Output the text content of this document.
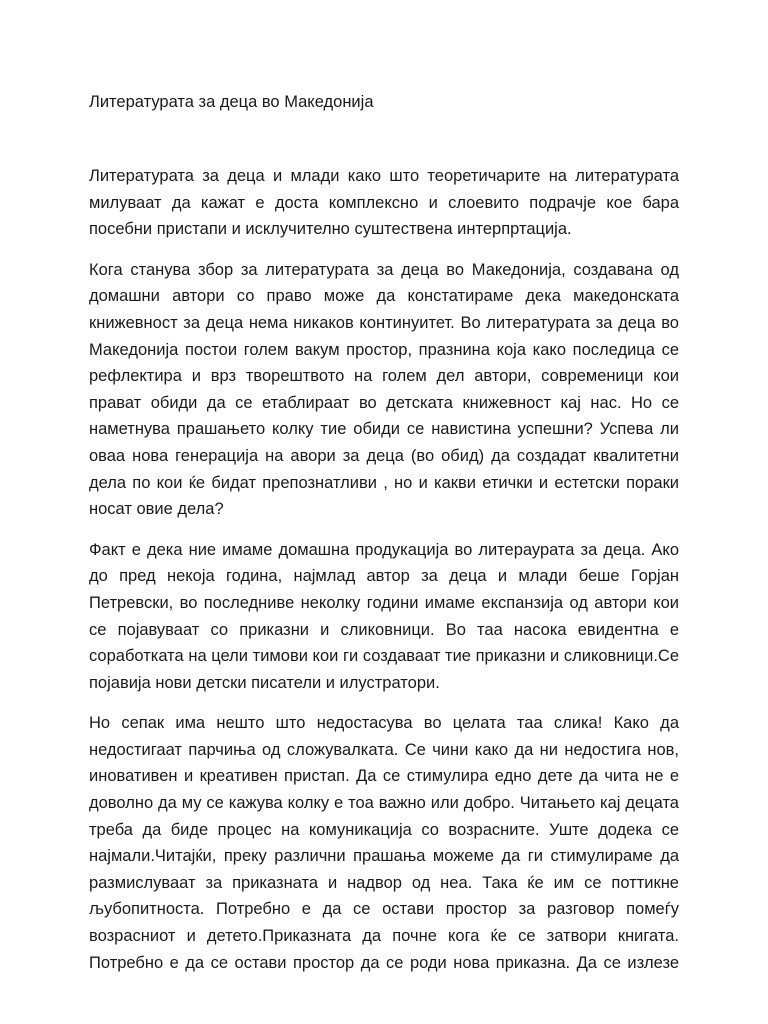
Литературата за деца во Македонија

Литературата за деца и млади како што теоретичарите на литературата милуваат да кажат е доста комплексно и слоевито подрачје кое бара посебни пристапи и исклучително суштествена интерпртација.

Кога станува збор за литературата за деца во Македонија, создавана од домашни автори со право може да констатираме дека македонската книжевност за деца нема никаков континуитет. Во литературата за деца во Македонија постои голем вакум простор, празнина која како последица се рефлектира и врз творештвото на голем дел автори, современици кои прават обиди да се етаблираат во детската книжевност кај нас. Но се наметнува прашањето колку тие обиди се навистина успешни? Успева ли оваа нова генерација на авори за деца (во обид) да создадат квалитетни дела по кои ќе бидат препознатливи , но и какви етички и естетски пораки носат овие дела?

Факт е дека ние имаме домашна продукација во литераурата за деца. Ако до пред некоја година, најмлад автор за деца и млади беше Горјан Петревски, во последниве неколку години имаме експанзија од автори кои се појавуваат со приказни и сликовници. Во таа насока евидентна е соработката на цели тимови кои ги создаваат тие приказни и сликовници.Се појавија нови детски писатели и илустратори.

Но сепак има нешто што недостасува во целата таа слика! Како да недостигаат парчиња од сложувалката. Се чини како да ни недостига нов, иновативен и креативен пристап. Да се стимулира едно дете да чита не е доволно да му се кажува колку е тоа важно или добро. Читањето кај децата треба да биде процес на комуникација со возрасните. Уште додека се најмали.Читајќи, преку различни прашања можеме да ги стимулираме да размислуваат за приказната и надвор од неа. Така ќе им се поттикне љубопитноста. Потребно е да се остави простор за разговор помеѓу возрасниот и детето.Приказната да почне кога ќе се затвори книгата. Потребно е да се остави простор да се роди нова приказна. Да се излезе
